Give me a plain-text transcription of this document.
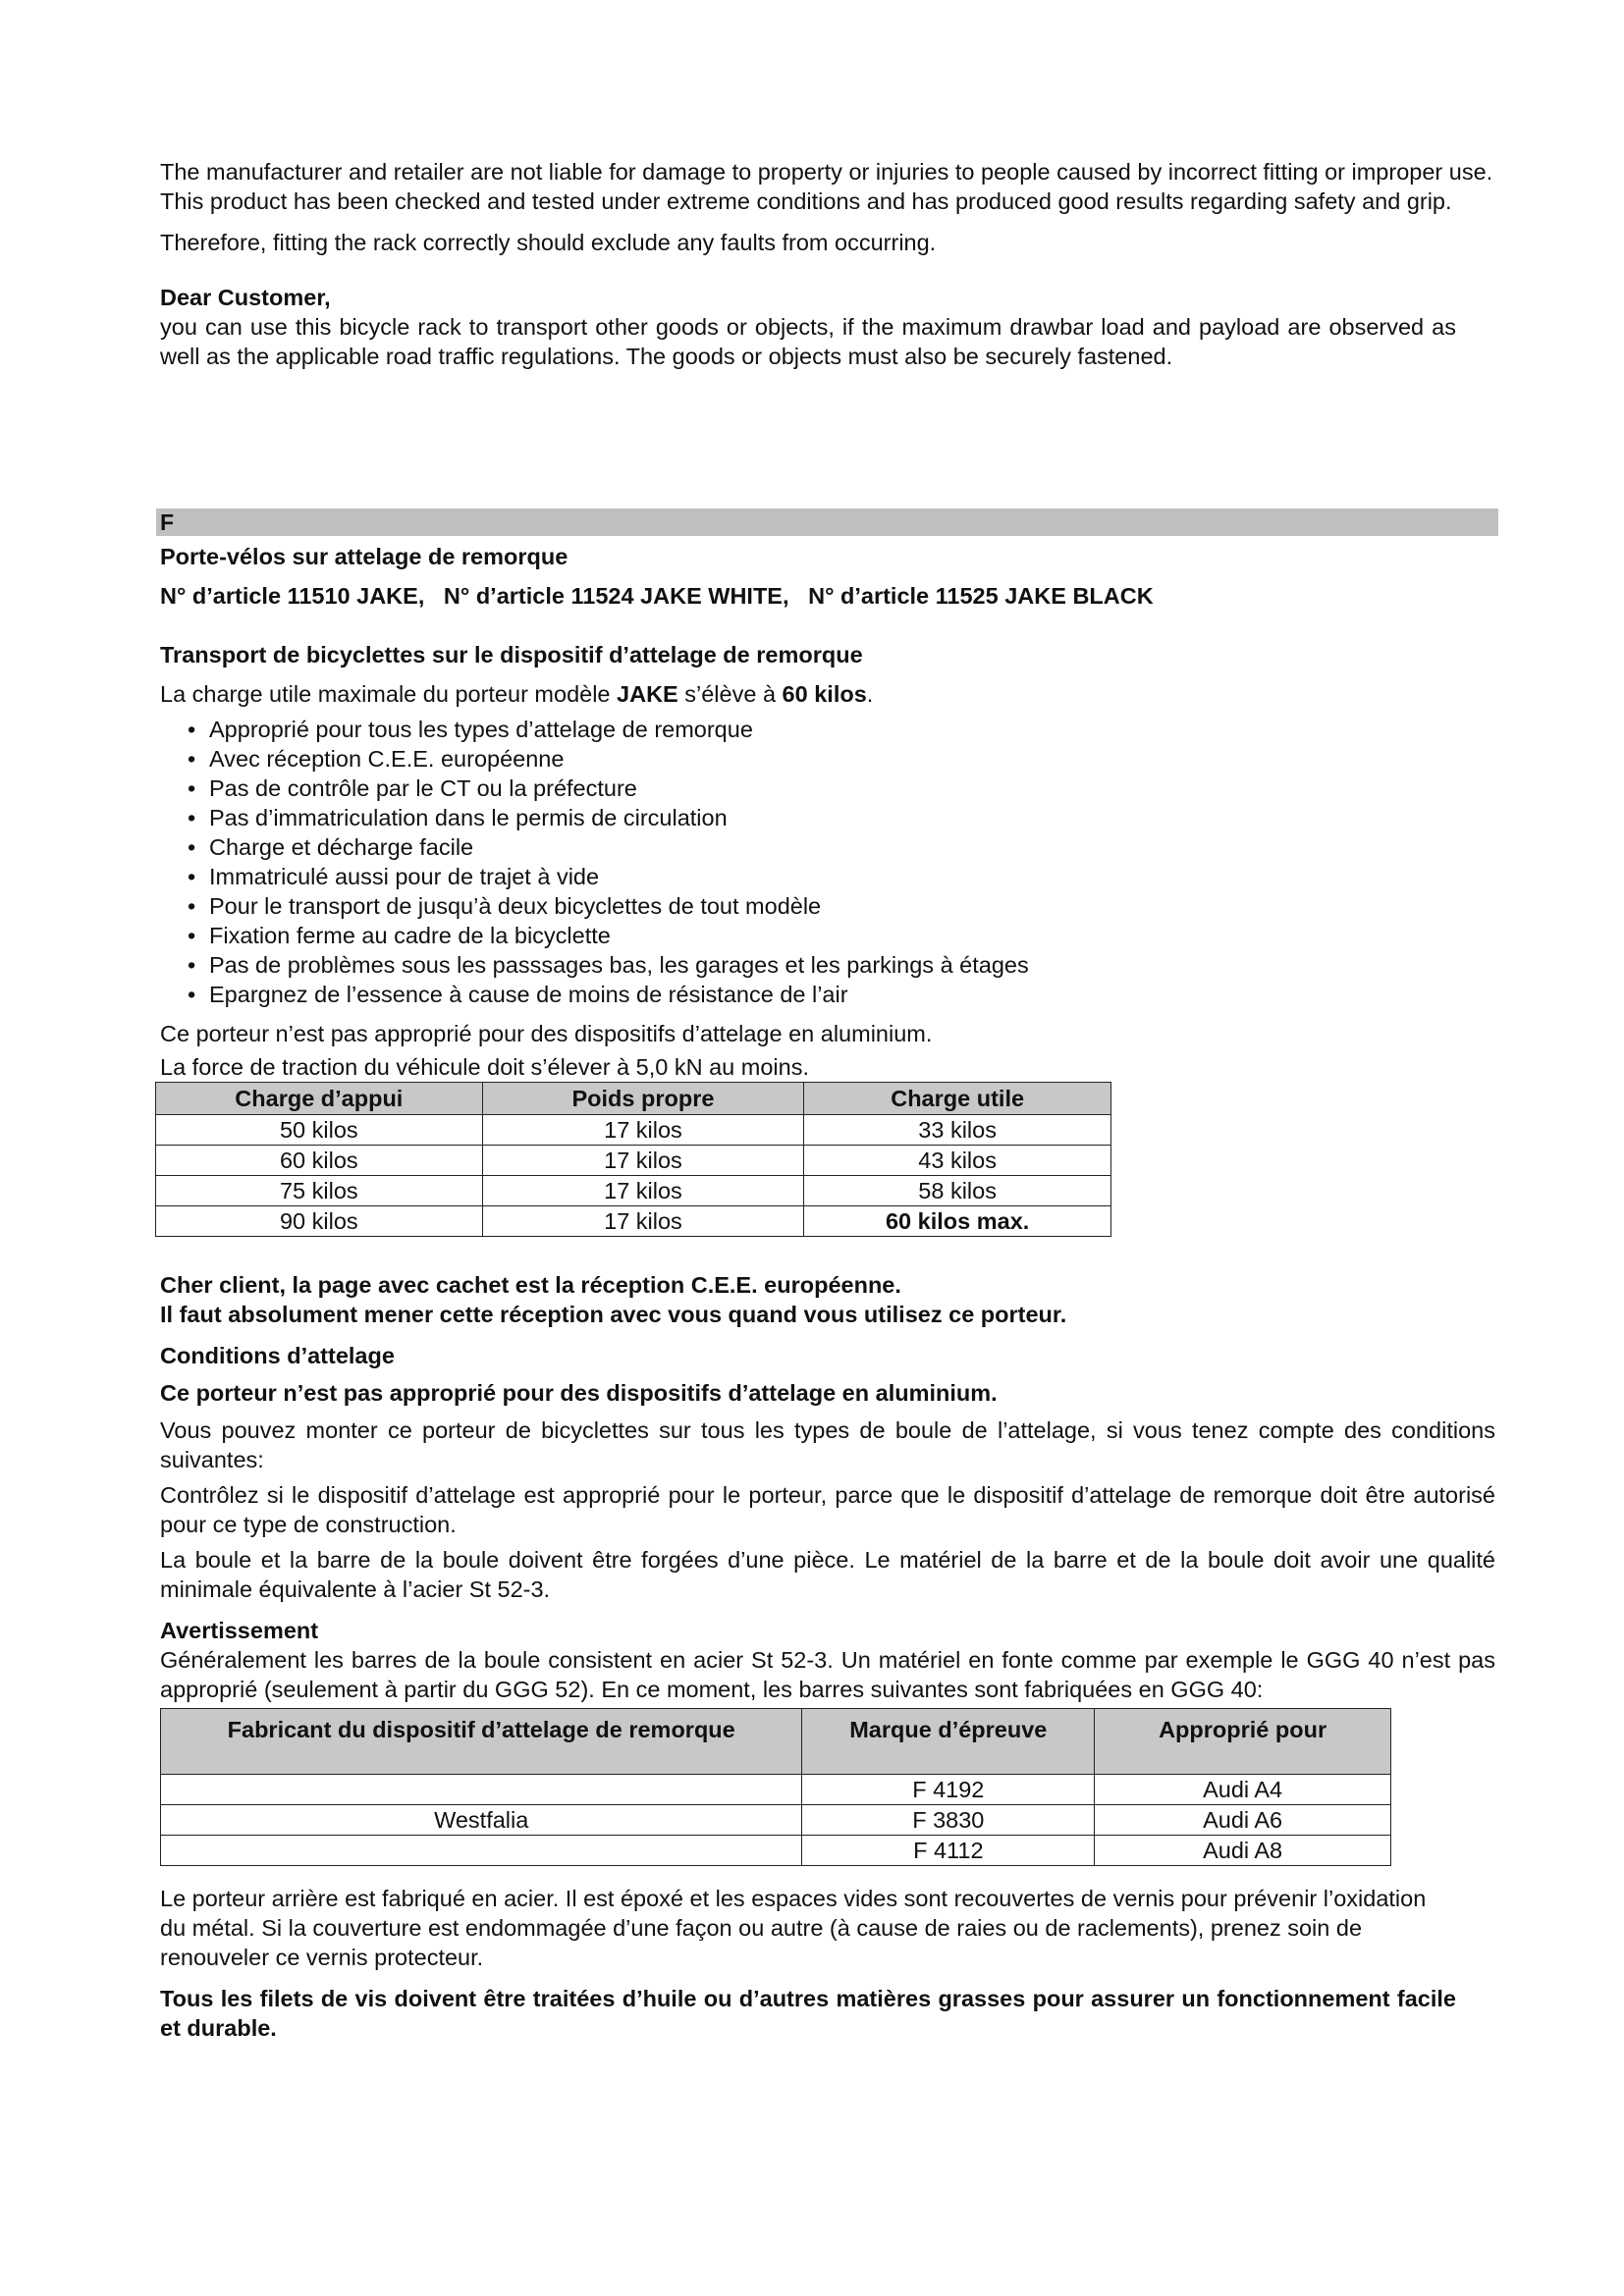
The manufacturer and retailer are not liable for damage to property or injuries to people caused by incorrect fitting or improper use.

This product has been checked and tested under extreme conditions and has produced good results regarding safety and grip.

Therefore, fitting the rack correctly should exclude any faults from occurring.

Dear Customer,

you can use this bicycle rack to transport other goods or objects, if the maximum drawbar load and payload are observed as well as the applicable road traffic regulations. The goods or objects must also be securely fastened.

F

Porte-vélos sur attelage de remorque

N° d’article 11510 JAKE,   N° d’article 11524 JAKE WHITE,   N° d’article 11525 JAKE BLACK

Transport de bicyclettes sur le dispositif d’attelage de remorque

La charge utile maximale du porteur modèle JAKE s’élève à 60 kilos.

• Approprié pour tous les types d’attelage de remorque
• Avec réception C.E.E. européenne
• Pas de contrôle par le CT ou la préfecture
• Pas d’immatriculation dans le permis de circulation
• Charge et décharge facile
• Immatriculé aussi pour de trajet à vide
• Pour le transport de jusqu’à deux bicyclettes de tout modèle
• Fixation ferme au cadre de la bicyclette
• Pas de problèmes sous les passsages bas, les garages et les parkings à étages
• Epargnez de l’essence à cause de moins de résistance de l’air

Ce porteur n’est pas approprié pour des dispositifs d’attelage en aluminium.

La force de traction du véhicule doit s’élever à 5,0 kN au moins.

Charge d’appui	Poids propre	Charge utile
50 kilos	17 kilos	33 kilos
60 kilos	17 kilos	43 kilos
75 kilos	17 kilos	58 kilos
90 kilos	17 kilos	60 kilos max.

Cher client, la page avec cachet est la réception C.E.E. européenne.

Il faut absolument mener cette réception avec vous quand vous utilisez ce porteur.

Conditions d’attelage

Ce porteur n’est pas approprié pour des dispositifs d’attelage en aluminium.

Vous pouvez monter ce porteur de bicyclettes sur tous les types de boule de l’attelage, si vous tenez compte des conditions suivantes:

Contrôlez si le dispositif d’attelage est approprié pour le porteur, parce que le dispositif d’attelage de remorque doit être autorisé pour ce type de construction.

La boule et la barre de la boule doivent être forgées d’une pièce. Le matériel de la barre et de la boule doit avoir une qualité minimale équivalente à l’acier St 52-3.

Avertissement

Généralement les barres de la boule consistent en acier St 52-3. Un matériel en fonte comme par exemple le GGG 40 n’est pas approprié (seulement à partir du GGG 52). En ce moment, les barres suivantes sont fabriquées en GGG 40:

Fabricant du dispositif d’attelage de remorque	Marque d’épreuve	Approprié pour
	F 4192	Audi A4
Westfalia	F 3830	Audi A6
	F 4112	Audi A8

Le porteur arrière est fabriqué en acier. Il est époxé et les espaces vides sont recouvertes de vernis pour prévenir l’oxidation du métal. Si la couverture est endommagée d’une façon ou autre (à cause de raies ou de raclements), prenez soin de renouveler ce vernis protecteur.

Tous les filets de vis doivent être traitées d’huile ou d’autres matières grasses pour assurer un fonctionnement facile et durable.
